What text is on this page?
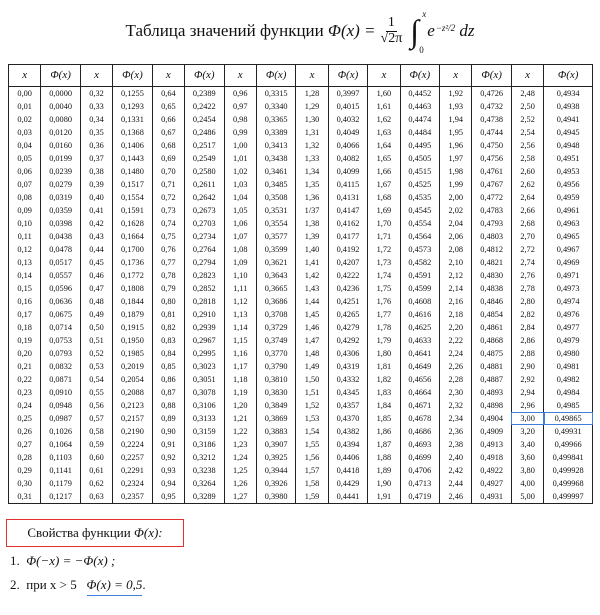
Таблица значений функции
$\Phi(x) = \frac{1}{√2\pi}$ ∫ x
0
e −z²/2
dz
x	Φ(x)	x	Φ(x)	x	Φ(x)	x	Φ(x)	x	Φ(x)	x	Φ(x)	x	Φ(x)	x	Φ(x)
0,00	0,0000	0,32	0,1255	0,64	0,2389	0,96	0,3315	1,28	0,3997	1,60	0,4452	1,92	0,4726	2,48	0,4934
0,01	0,0040	0,33	0,1293	0,65	0,2422	0,97	0,3340	1,29	0,4015	1,61	0,4463	1,93	0,4732	2,50	0,4938
0,02	0,0080	0,34	0,1331	0,66	0,2454	0,98	0,3365	1,30	0,4032	1,62	0,4474	1,94	0,4738	2,52	0,4941
0,03	0,0120	0,35	0,1368	0,67	0,2486	0,99	0,3389	1,31	0,4049	1,63	0,4484	1,95	0,4744	2,54	0,4945
0,04	0,0160	0,36	0,1406	0,68	0,2517	1,00	0,3413	1,32	0,4066	1,64	0,4495	1,96	0,4750	2,56	0,4948
0,05	0,0199	0,37	0,1443	0,69	0,2549	1,01	0,3438	1,33	0,4082	1,65	0,4505	1,97	0,4756	2,58	0,4951
0,06	0,0239	0,38	0,1480	0,70	0,2580	1,02	0,3461	1,34	0,4099	1,66	0,4515	1,98	0,4761	2,60	0,4953
0,07	0,0279	0,39	0,1517	0,71	0,2611	1,03	0,3485	1,35	0,4115	1,67	0,4525	1,99	0,4767	2,62	0,4956
0,08	0,0319	0,40	0,1554	0,72	0,2642	1,04	0,3508	1,36	0,4131	1,68	0,4535	2,00	0,4772	2,64	0,4959
0,09	0,0359	0,41	0,1591	0,73	0,2673	1,05	0,3531	1/37	0,4147	1,69	0,4545	2,02	0,4783	2,66	0,4961
0,10	0,0398	0,42	0,1628	0,74	0,2703	1,06	0,3554	1,38	0,4162	1,70	0,4554	2,04	0,4793	2,68	0,4963
0,11	0,0438	0,43	0,1664	0,75	0,2734	1,07	0,3577	1,39	0,4177	1,71	0,4564	2,06	0,4803	2,70	0,4965
0,12	0,0478	0,44	0,1700	0,76	0,2764	1,08	0,3599	1,40	0,4192	1,72	0,4573	2,08	0,4812	2,72	0,4967
0,13	0,0517	0,45	0,1736	0,77	0,2794	1,09	0,3621	1,41	0,4207	1,73	0,4582	2,10	0,4821	2,74	0,4969
0,14	0,0557	0,46	0,1772	0,78	0,2823	1,10	0,3643	1,42	0,4222	1,74	0,4591	2,12	0,4830	2,76	0,4971
0,15	0,0596	0,47	0,1808	0,79	0,2852	1,11	0,3665	1,43	0,4236	1,75	0,4599	2,14	0,4838	2,78	0,4973
0,16	0,0636	0,48	0,1844	0,80	0,2818	1,12	0,3686	1,44	0,4251	1,76	0,4608	2,16	0,4846	2,80	0,4974
0,17	0,0675	0,49	0,1879	0,81	0,2910	1,13	0,3708	1,45	0,4265	1,77	0,4616	2,18	0,4854	2,82	0,4976
0,18	0,0714	0,50	0,1915	0,82	0,2939	1,14	0,3729	1,46	0,4279	1,78	0,4625	2,20	0,4861	2,84	0,4977
0,19	0,0753	0,51	0,1950	0,83	0,2967	1,15	0,3749	1,47	0,4292	1,79	0,4633	2,22	0,4868	2,86	0,4979
0,20	0,0793	0,52	0,1985	0,84	0,2995	1,16	0,3770	1,48	0,4306	1,80	0,4641	2,24	0,4875	2,88	0,4980
0,21	0,0832	0,53	0,2019	0,85	0,3023	1,17	0,3790	1,49	0,4319	1,81	0,4649	2,26	0,4881	2,90	0,4981
0,22	0,0871	0,54	0,2054	0,86	0,3051	1,18	0,3810	1,50	0,4332	1,82	0,4656	2,28	0,4887	2,92	0,4982
0,23	0,0910	0,55	0,2088	0,87	0,3078	1,19	0,3830	1,51	0,4345	1,83	0,4664	2,30	0,4893	2,94	0,4984
0,24	0,0948	0,56	0,2123	0,88	0,3106	1,20	0,3849	1,52	0,4357	1,84	0,4671	2,32	0,4898	2,96	0,4985
0,25	0,0987	0,57	0,2157	0,89	0,3133	1,21	0,3869	1,53	0,4370	1,85	0,4678	2,34	0,4904	3,00	0,49865
0,26	0,1026	0,58	0,2190	0,90	0,3159	1,22	0,3883	1,54	0,4382	1,86	0,4686	2,36	0,4909	3,20	0,49931
0,27	0,1064	0,59	0,2224	0,91	0,3186	1,23	0,3907	1,55	0,4394	1,87	0,4693	2,38	0,4913	3,40	0,49966
0,28	0,1103	0,60	0,2257	0,92	0,3212	1,24	0,3925	1,56	0,4406	1,88	0,4699	2,40	0,4918	3,60	0,499841
0,29	0,1141	0,61	0,2291	0,93	0,3238	1,25	0,3944	1,57	0,4418	1,89	0,4706	2,42	0,4922	3,80	0,499928
0,30	0,1179	0,62	0,2324	0,94	0,3264	1,26	0,3926	1,58	0,4429	1,90	0,4713	2,44	0,4927	4,00	0,499968
0,31	0,1217	0,63	0,2357	0,95	0,3289	1,27	0,3980	1,59	0,4441	1,91	0,4719	2,46	0,4931	5,00	0,499997
Свойства функции
Φ(x):
1. Φ(−x) = −Φ(x) ;
2. при x > 5 Φ(x) = 0,5.
